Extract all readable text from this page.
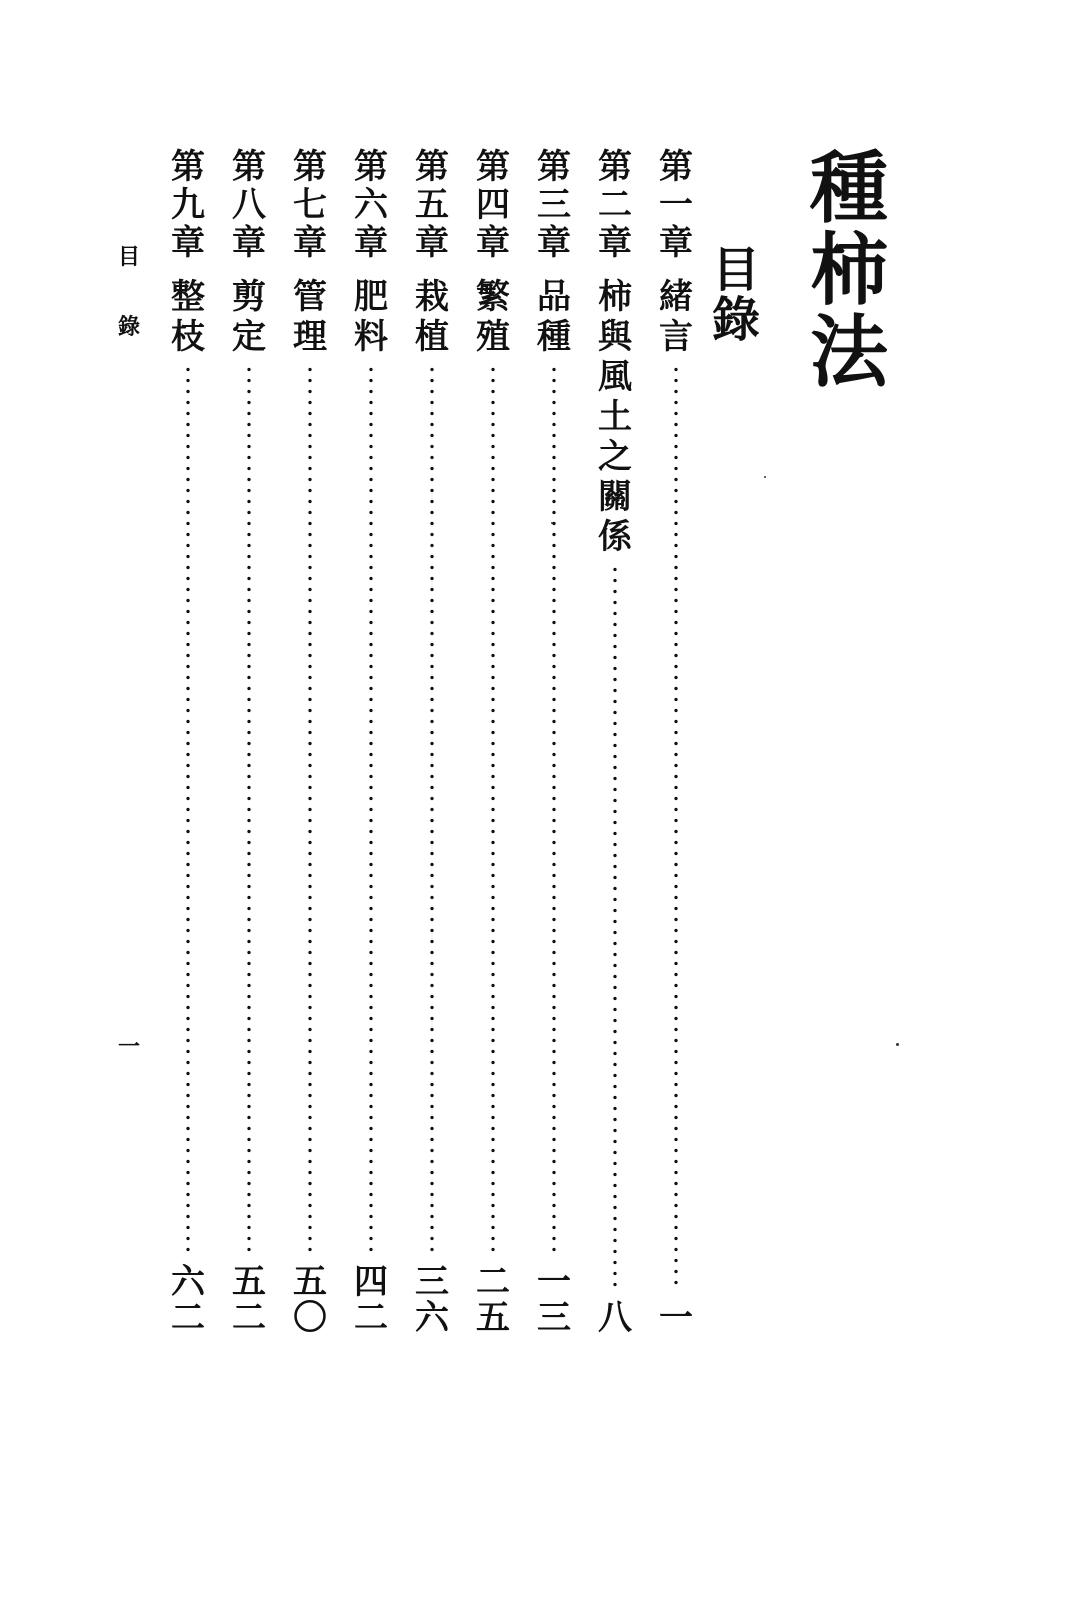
種
柿
法
目
錄
第
一
章
緒
言
一
第
二
章
柿
與
風
土
之
關
係
八
第
三
章
品
種
一
三
第
四
章
繁
殖
二
五
第
五
章
栽
植
三
六
第
六
章
肥
料
四
二
第
七
章
管
理
五
〇
第
八
章
剪
定
五
二
第
九
章
整
枝
六
二
目
錄
一
